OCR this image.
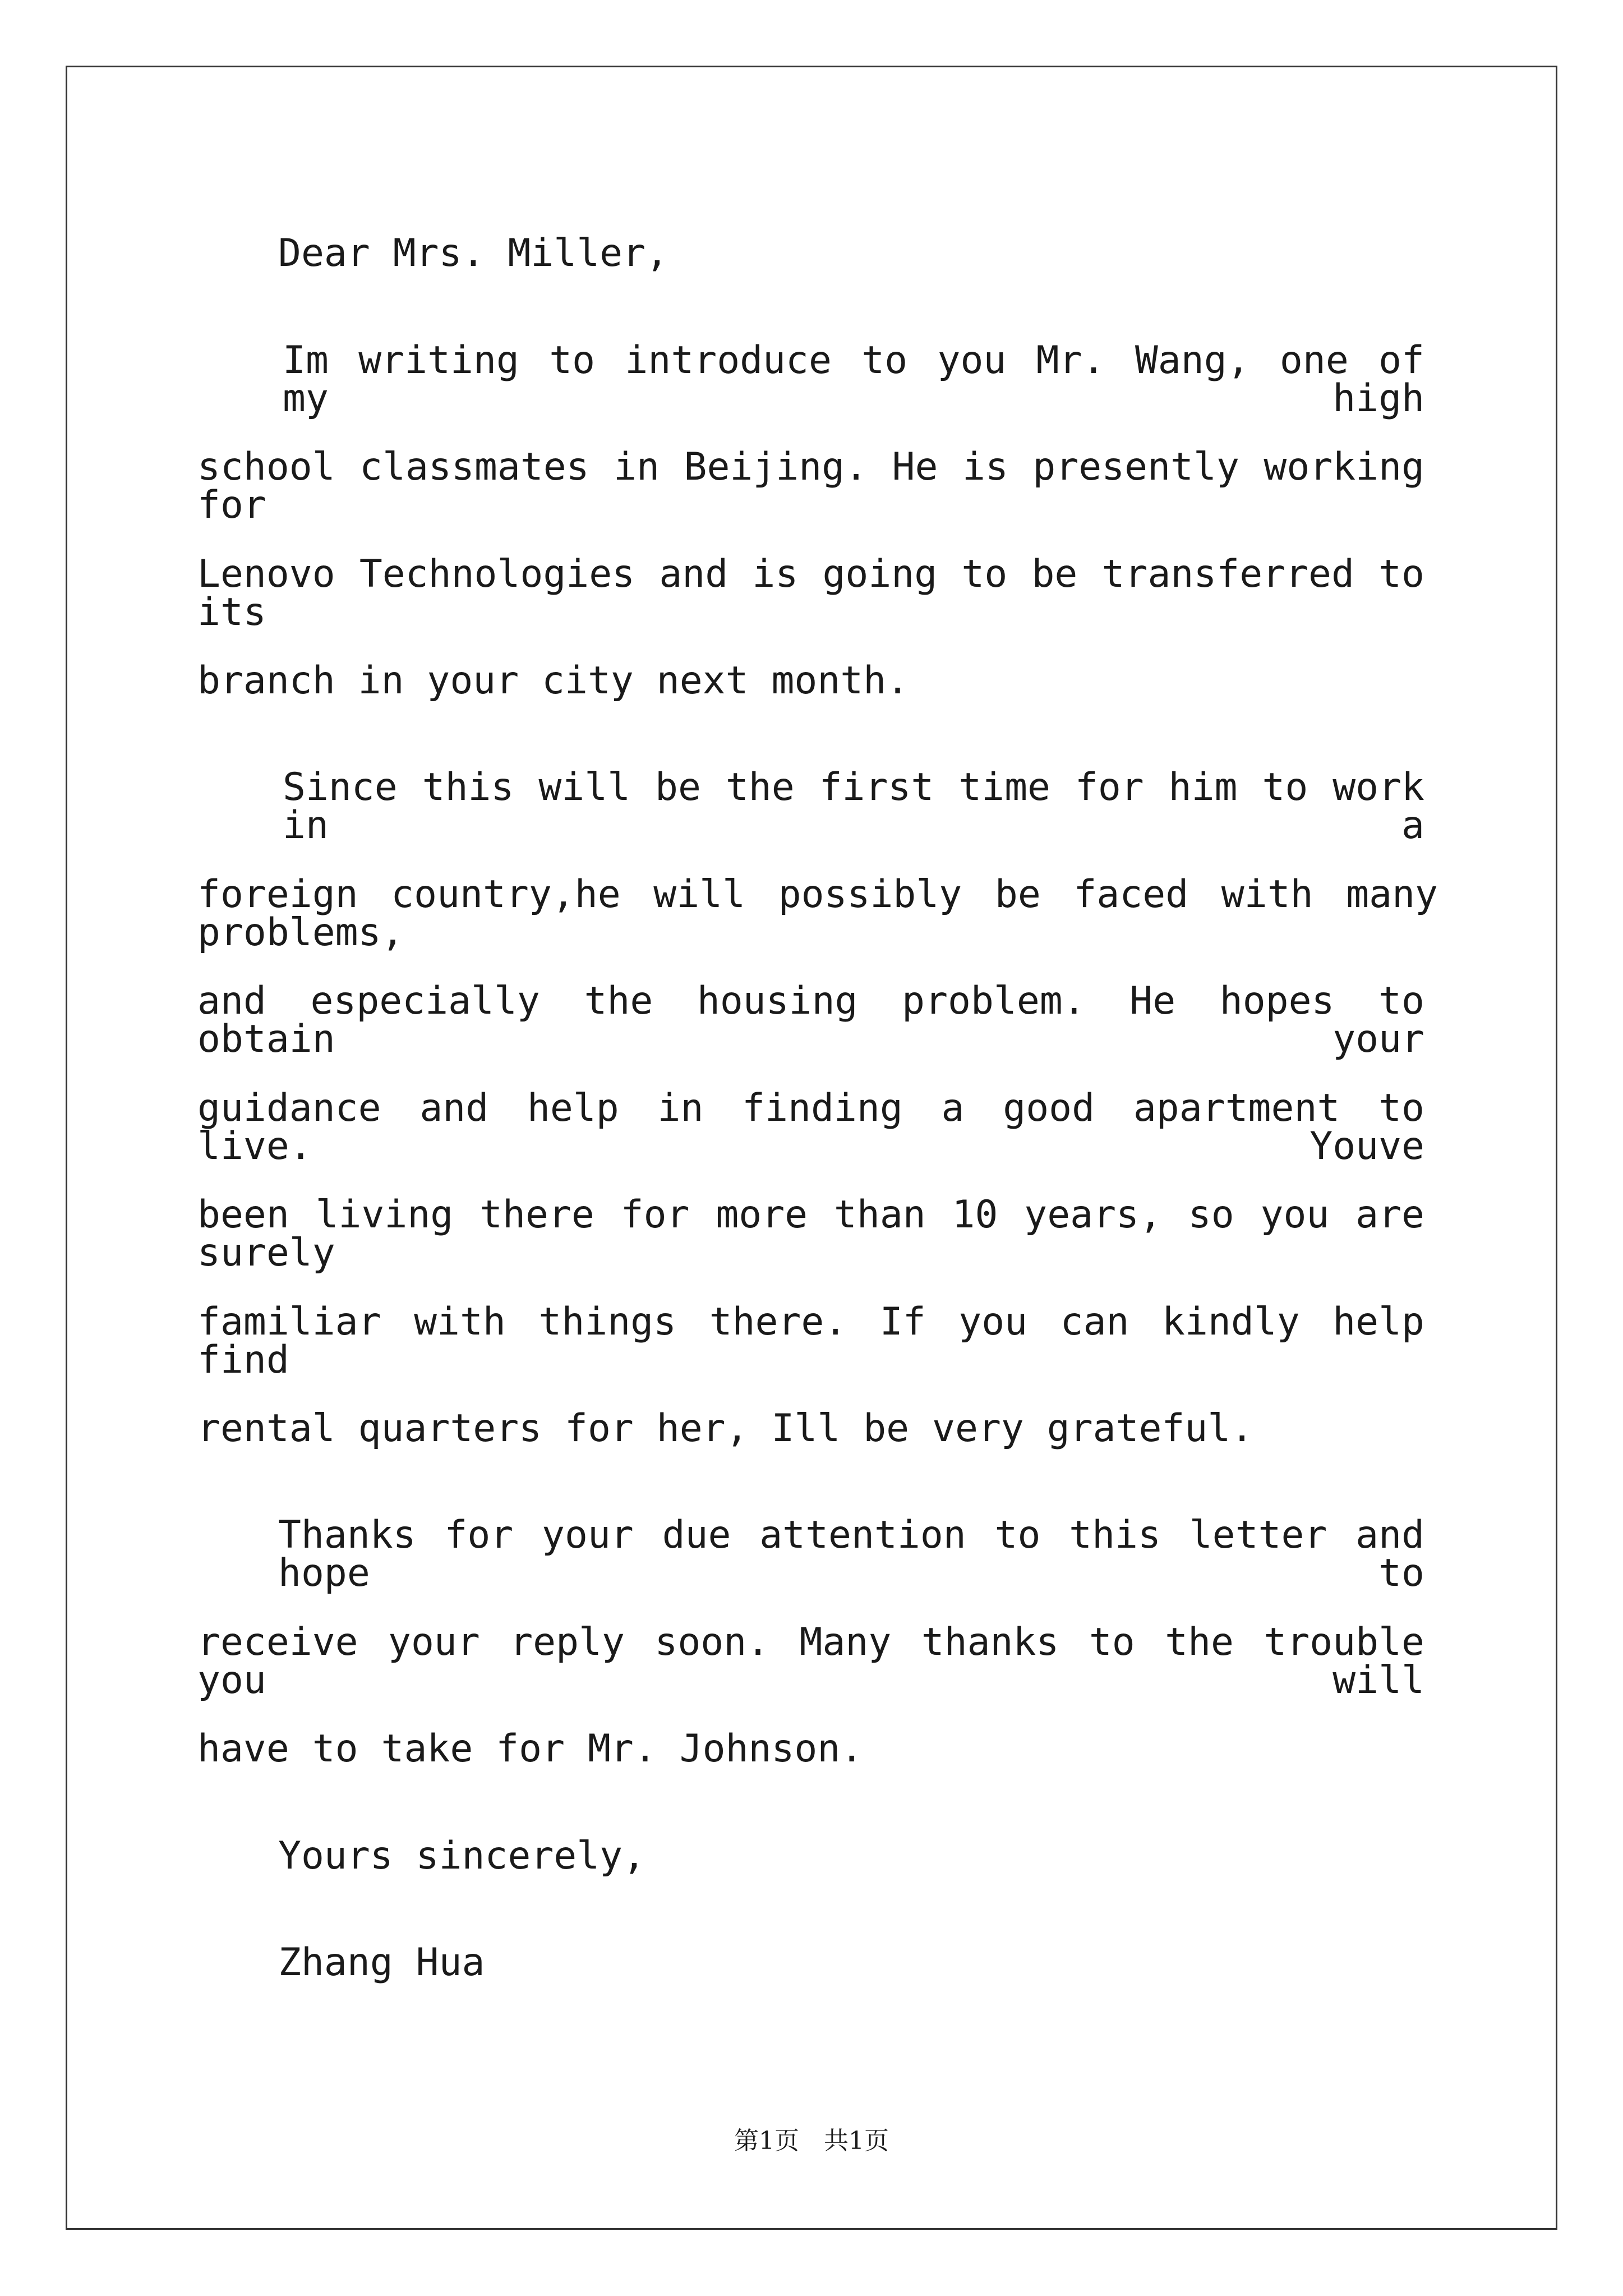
Dear Mrs. Miller,
Im writing to introduce to you Mr. Wang, one of my high
school classmates in Beijing. He is presently working for
Lenovo Technologies and is going to be transferred to its
branch in your city next month.
Since this will be the first time for him to work in a
foreign country,he will possibly be faced with many problems,
and especially the housing problem. He hopes to obtain your
guidance and help in finding a good apartment to live. Youve
been living there for more than 10 years, so you are surely
familiar with things there. If you can kindly help find
rental quarters for her, Ill be very grateful.
Thanks for your due attention to this letter and hope to
receive your reply soon. Many thanks to the trouble you will
have to take for Mr. Johnson.
Yours sincerely,
Zhang Hua
第1页　共1页
